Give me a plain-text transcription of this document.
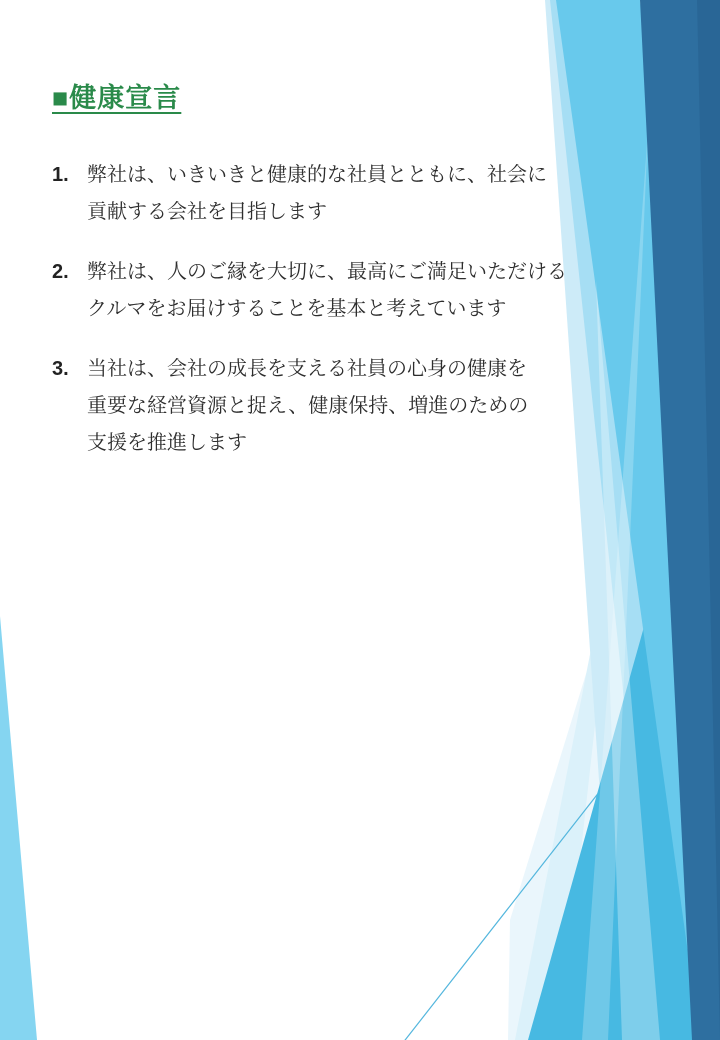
■健康宣言
1. 弊社は、いきいきと健康的な社員とともに、社会に
貢献する会社を目指します
2. 弊社は、人のご縁を大切に、最高にご満足いただける
クルマをお届けすることを基本と考えています
3. 当社は、会社の成長を支える社員の心身の健康を
重要な経営資源と捉え、健康保持、増進のための
支援を推進します
